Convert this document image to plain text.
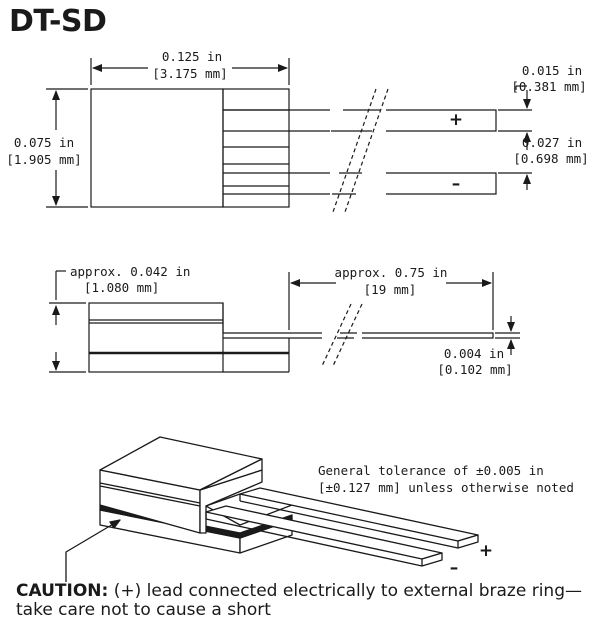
DT-SD
0.125 in
[3.175 mm]
0.075 in
[1.905 mm]
0.015 in
[0.381 mm]
0.027 in
[0.698 mm]
+
–
approx. 0.042 in
[1.080 mm]
approx. 0.75 in
[19 mm]
0.004 in
[0.102 mm]
General tolerance of ±0.005 in
[±0.127 mm] unless otherwise noted
+
–
CAUTION: (+) lead connected electrically to external braze ring— take care not to cause a short
